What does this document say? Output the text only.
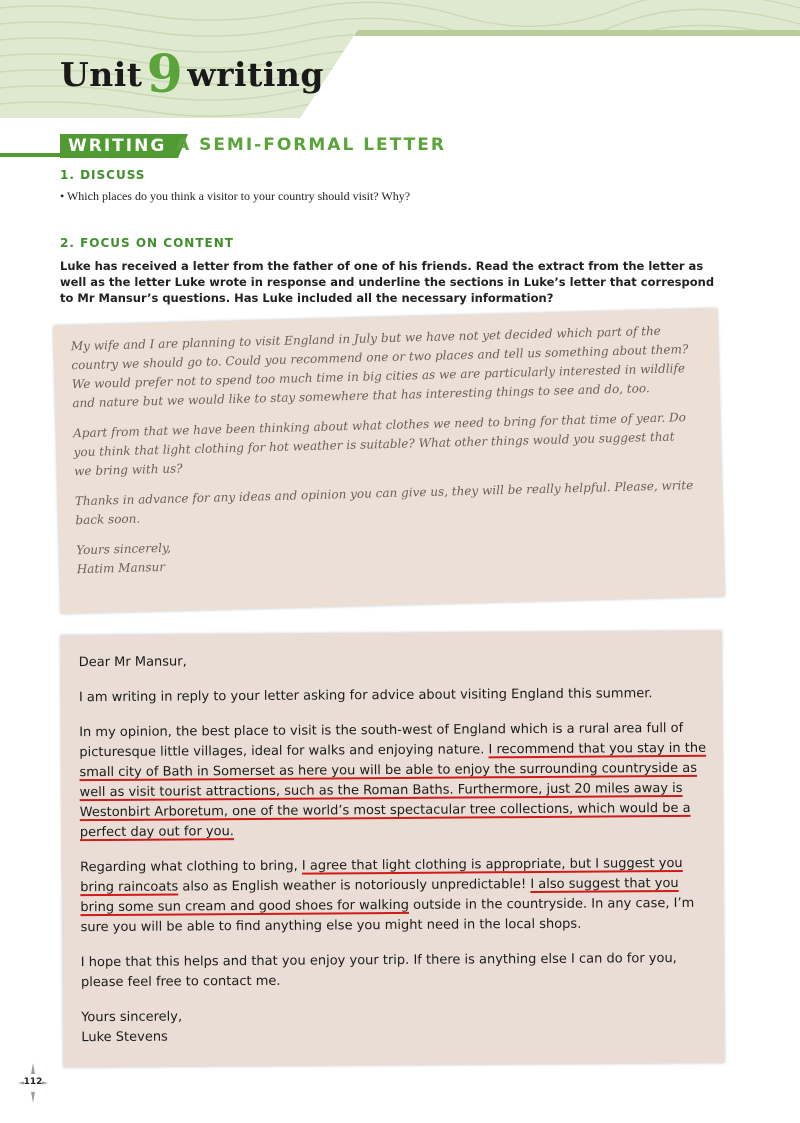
Unit9 writing
WRITING A SEMI-FORMAL LETTER
1. DISCUSS
• Which places do you think a visitor to your country should visit? Why?
2. FOCUS ON CONTENT
Luke has received a letter from the father of one of his friends. Read the extract from the letter as well as the letter Luke wrote in response and underline the sections in Luke’s letter that correspond to Mr Mansur’s questions. Has Luke included all the necessary information?

My wife and I are planning to visit England in July but we have not yet decided which part of the country we should go to. Could you recommend one or two places and tell us something about them? We would prefer not to spend too much time in big cities as we are particularly interested in wildlife and nature but we would like to stay somewhere that has interesting things to see and do, too.

Apart from that we have been thinking about what clothes we need to bring for that time of year. Do you think that light clothing for hot weather is suitable? What other things would you suggest that we bring with us?

Thanks in advance for any ideas and opinion you can give us, they will be really helpful. Please, write back soon.

Yours sincerely,

Hatim Mansur

Dear Mr Mansur,

I am writing in reply to your letter asking for advice about visiting England this summer.

In my opinion, the best place to visit is the south-west of England which is a rural area full of picturesque little villages, ideal for walks and enjoying nature. I recommend that you stay in the small city of Bath in Somerset as here you will be able to enjoy the surrounding countryside as well as visit tourist attractions, such as the Roman Baths. Furthermore, just 20 miles away is Westonbirt Arboretum, one of the world’s most spectacular tree collections, which would be a perfect day out for you.

Regarding what clothing to bring, I agree that light clothing is appropriate, but I suggest you bring raincoats also as English weather is notoriously unpredictable! I also suggest that you bring some sun cream and good shoes for walking outside in the countryside. In any case, I’m sure you will be able to find anything else you might need in the local shops.

I hope that this helps and that you enjoy your trip. If there is anything else I can do for you, please feel free to contact me.

Yours sincerely,

Luke Stevens

112
